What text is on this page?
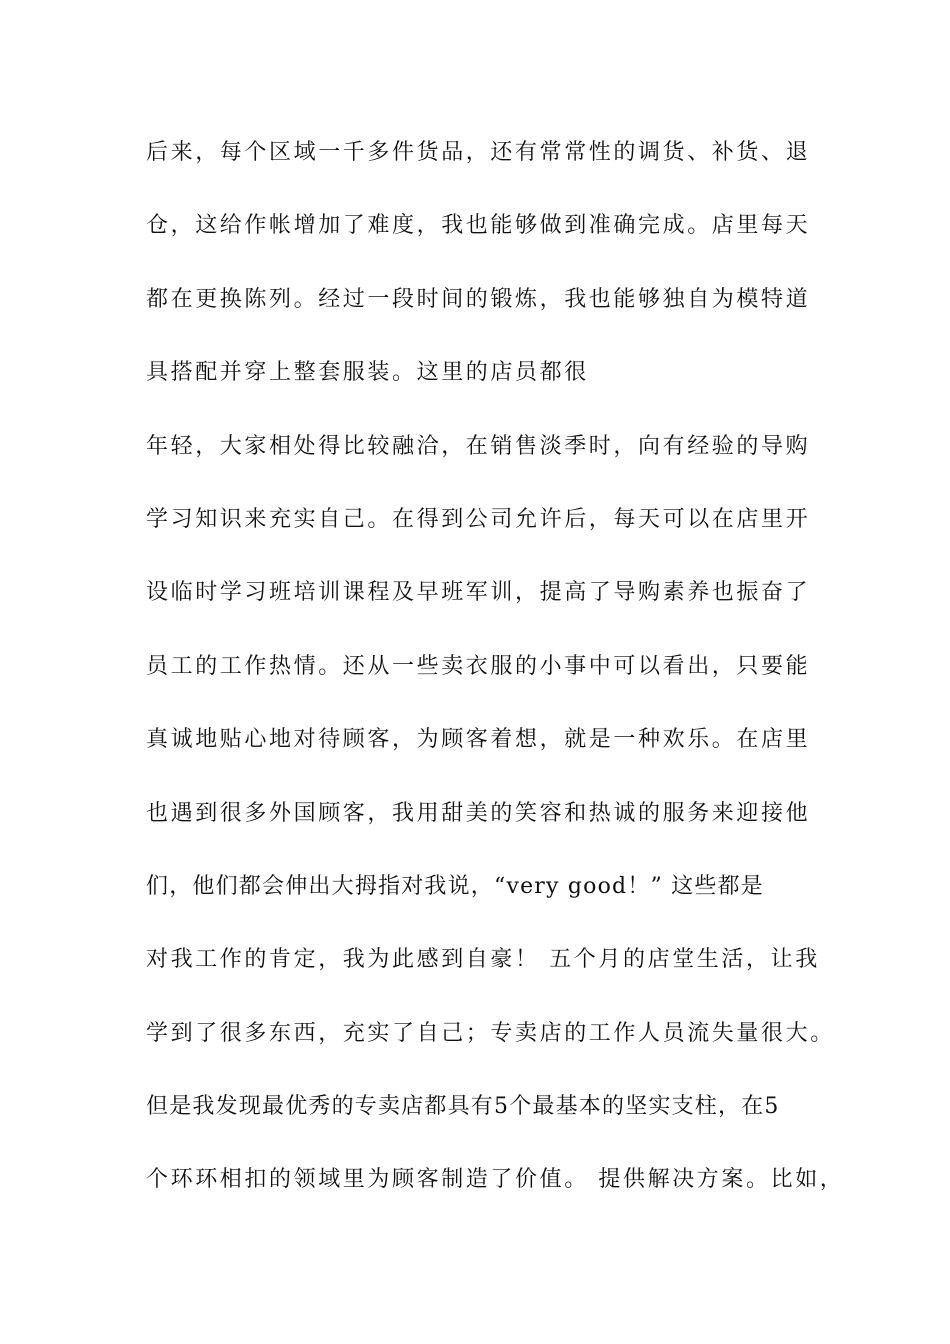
后来，每个区域一千多件货品，还有常常性的调货、补货、退
仓，这给作帐增加了难度，我也能够做到准确完成。店里每天
都在更换陈列。经过一段时间的锻炼，我也能够独自为模特道
具搭配并穿上整套服装。这里的店员都很
年轻，大家相处得比较融洽，在销售淡季时，向有经验的导购
学习知识来充实自己。在得到公司允许后，每天可以在店里开
设临时学习班培训课程及早班军训，提高了导购素养也振奋了
员工的工作热情。还从一些卖衣服的小事中可以看出，只要能
真诚地贴心地对待顾客，为顾客着想，就是一种欢乐。在店里
也遇到很多外国顾客，我用甜美的笑容和热诚的服务来迎接他
们，他们都会伸出大拇指对我说，“very good！” 这些都是
对我工作的肯定，我为此感到自豪！ 五个月的店堂生活，让我
学到了很多东西，充实了自己；专卖店的工作人员流失量很大。
但是我发现最优秀的专卖店都具有5个最基本的坚实支柱，在5
个环环相扣的领域里为顾客制造了价值。 提供解决方案。比如，
